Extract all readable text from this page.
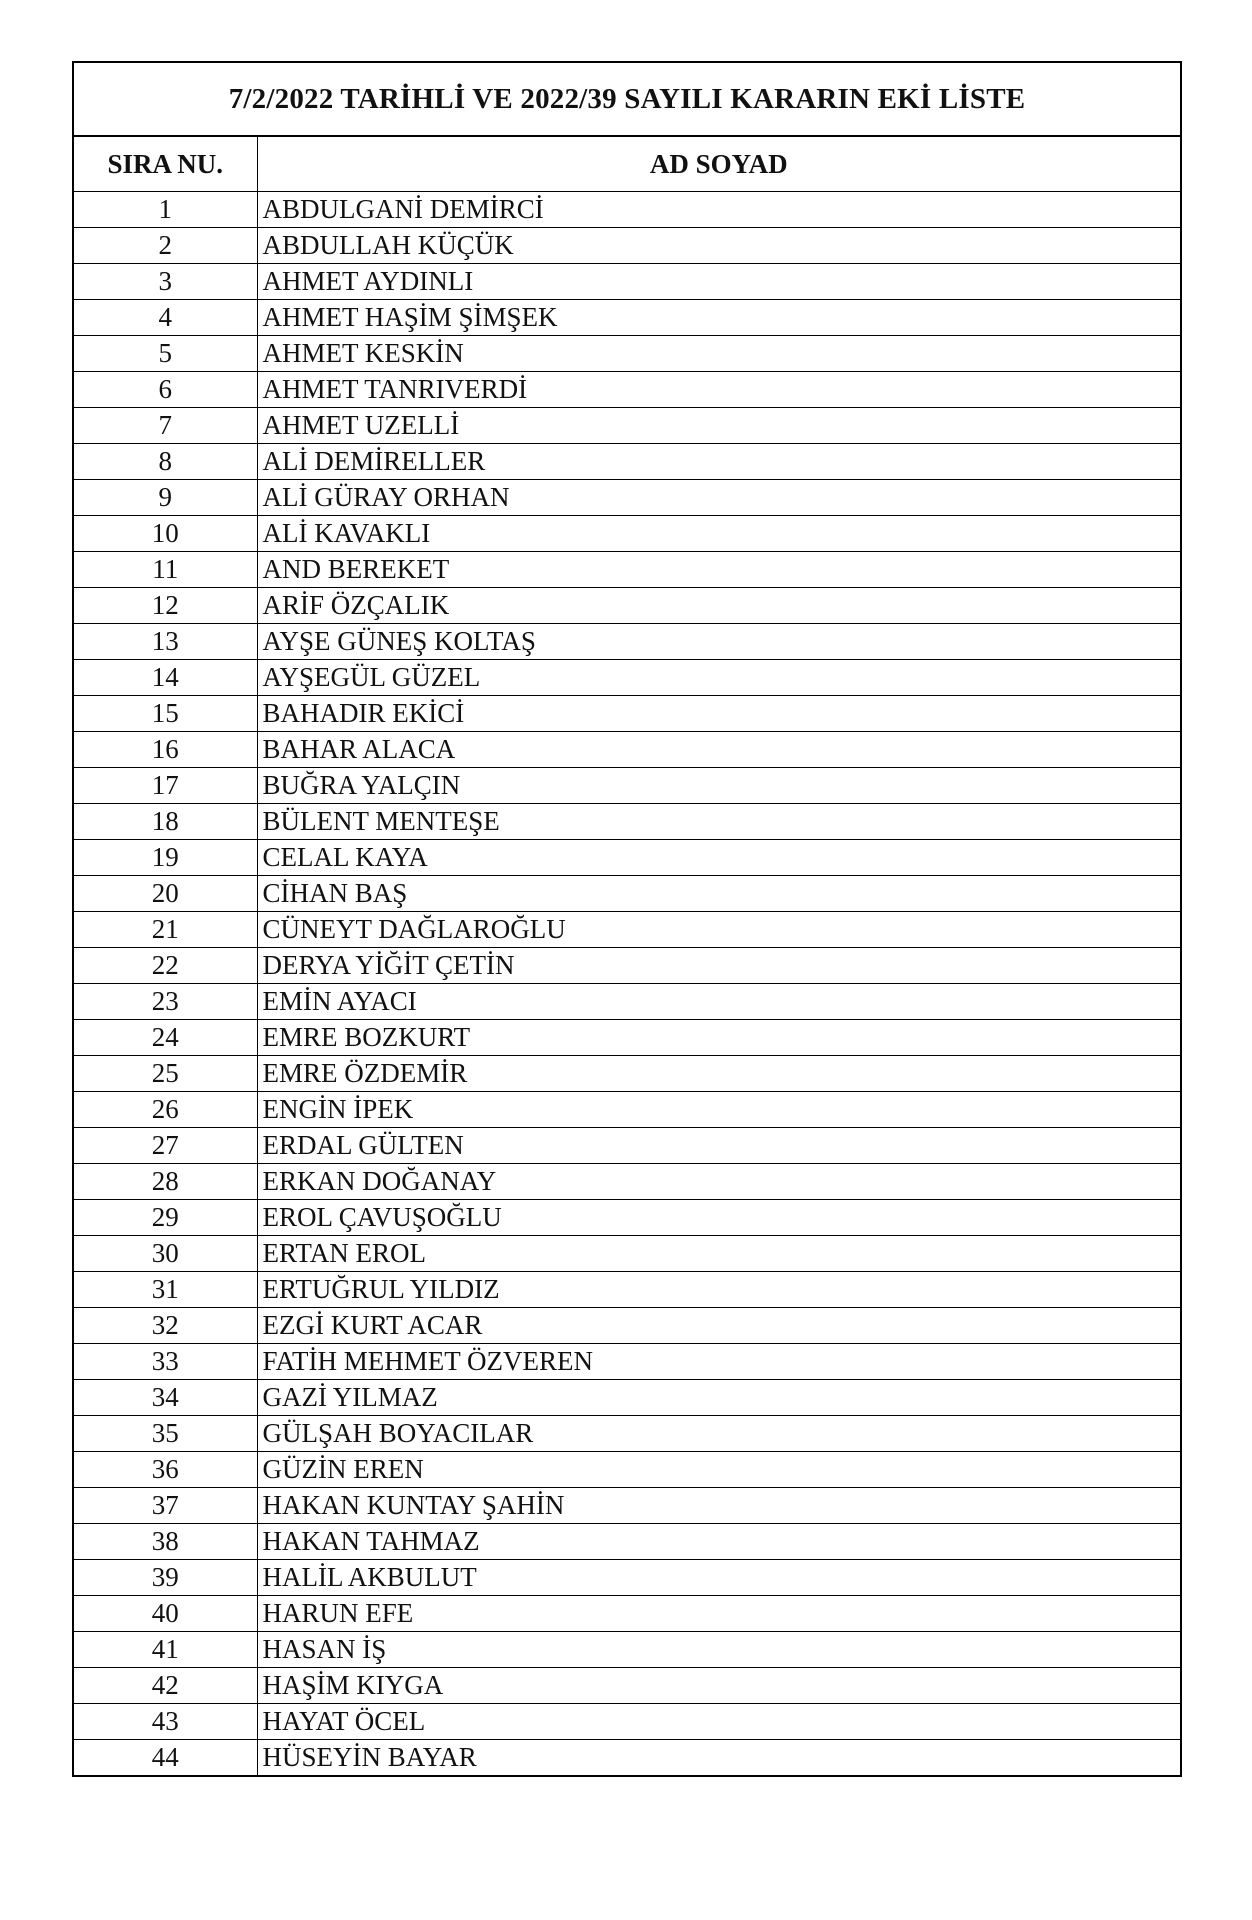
7/2/2022 TARİHLİ VE 2022/39 SAYILI KARARIN EKİ LİSTE
SIRA NU.	AD SOYAD
1	ABDULGANİ DEMİRCİ
2	ABDULLAH KÜÇÜK
3	AHMET AYDINLI
4	AHMET HAŞİM ŞİMŞEK
5	AHMET KESKİN
6	AHMET TANRIVERDİ
7	AHMET UZELLİ
8	ALİ DEMİRELLER
9	ALİ GÜRAY ORHAN
10	ALİ KAVAKLI
11	AND BEREKET
12	ARİF ÖZÇALIK
13	AYŞE GÜNEŞ KOLTAŞ
14	AYŞEGÜL GÜZEL
15	BAHADIR EKİCİ
16	BAHAR ALACA
17	BUĞRA YALÇIN
18	BÜLENT MENTEŞE
19	CELAL KAYA
20	CİHAN BAŞ
21	CÜNEYT DAĞLAROĞLU
22	DERYA YİĞİT ÇETİN
23	EMİN AYACI
24	EMRE BOZKURT
25	EMRE ÖZDEMİR
26	ENGİN İPEK
27	ERDAL GÜLTEN
28	ERKAN DOĞANAY
29	EROL ÇAVUŞOĞLU
30	ERTAN EROL
31	ERTUĞRUL YILDIZ
32	EZGİ KURT ACAR
33	FATİH MEHMET ÖZVEREN
34	GAZİ YILMAZ
35	GÜLŞAH BOYACILAR
36	GÜZİN EREN
37	HAKAN KUNTAY ŞAHİN
38	HAKAN TAHMAZ
39	HALİL AKBULUT
40	HARUN EFE
41	HASAN İŞ
42	HAŞİM KIYGA
43	HAYAT ÖCEL
44	HÜSEYİN BAYAR
